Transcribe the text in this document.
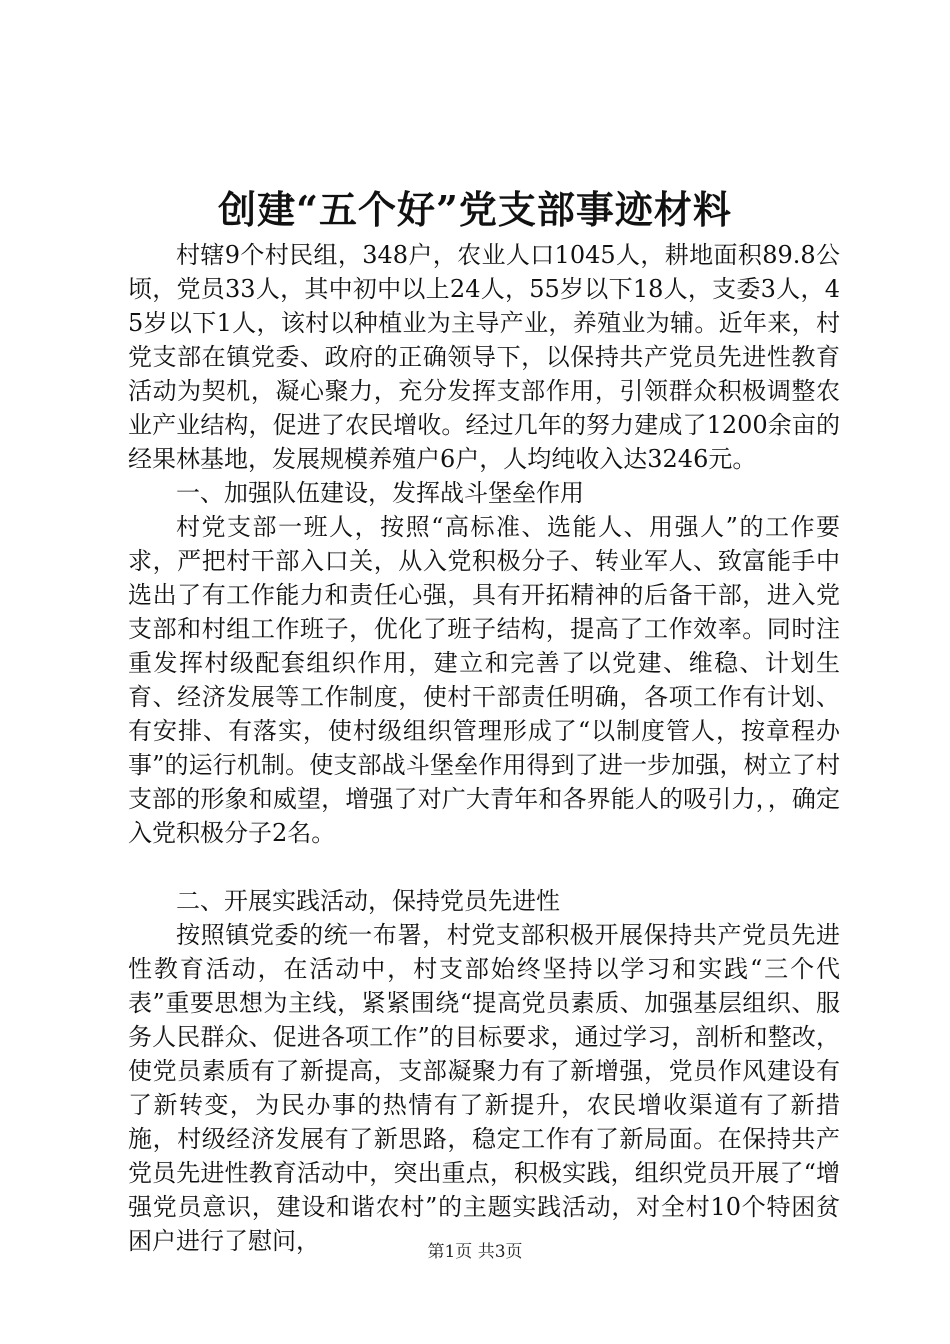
创建“五个好”党支部事迹材料

村辖9个村民组，348户，农业人口1045人，耕地面积89.8公顷，党员33人，其中初中以上24人，55岁以下18人，支委3人，45岁以下1人，该村以种植业为主导产业，养殖业为辅。近年来，村党支部在镇党委、政府的正确领导下，以保持共产党员先进性教育活动为契机，凝心聚力，充分发挥支部作用，引领群众积极调整农业产业结构，促进了农民增收。经过几年的努力建成了1200余亩的经果林基地，发展规模养殖户6户，人均纯收入达3246元。

一、加强队伍建设，发挥战斗堡垒作用

村党支部一班人，按照“高标准、选能人、用强人”的工作要求，严把村干部入口关，从入党积极分子、转业军人、致富能手中选出了有工作能力和责任心强，具有开拓精神的后备干部，进入党支部和村组工作班子，优化了班子结构，提高了工作效率。同时注重发挥村级配套组织作用，建立和完善了以党建、维稳、计划生育、经济发展等工作制度，使村干部责任明确，各项工作有计划、有安排、有落实，使村级组织管理形成了“以制度管人，按章程办事”的运行机制。使支部战斗堡垒作用得到了进一步加强，树立了村支部的形象和威望，增强了对广大青年和各界能人的吸引力，，确定入党积极分子2名。

二、开展实践活动，保持党员先进性

按照镇党委的统一布署，村党支部积极开展保持共产党员先进性教育活动，在活动中，村支部始终坚持以学习和实践“三个代表”重要思想为主线，紧紧围绕“提高党员素质、加强基层组织、服务人民群众、促进各项工作”的目标要求，通过学习，剖析和整改，使党员素质有了新提高，支部凝聚力有了新增强，党员作风建设有了新转变，为民办事的热情有了新提升，农民增收渠道有了新措施，村级经济发展有了新思路，稳定工作有了新局面。在保持共产党员先进性教育活动中，突出重点，积极实践，组织党员开展了“增强党员意识，建设和谐农村”的主题实践活动，对全村10个特困贫困户进行了慰问，	第1页 共3页
